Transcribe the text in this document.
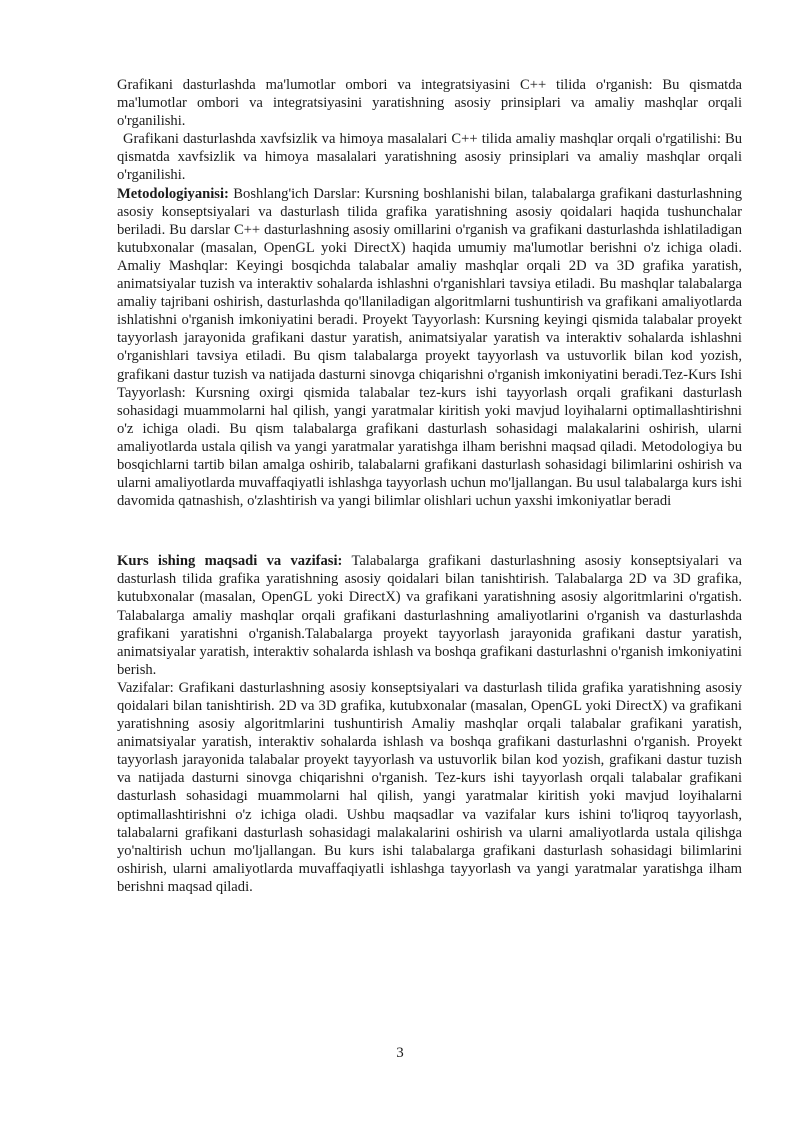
Grafikani dasturlashda ma'lumotlar ombori va integratsiyasini C++ tilida o'rganish: Bu qismatda ma'lumotlar ombori va integratsiyasini yaratishning asosiy prinsiplari va amaliy mashqlar orqali o'rganilishi.

Grafikani dasturlashda xavfsizlik va himoya masalalari C++ tilida amaliy mashqlar orqali o'rgatilishi: Bu qismatda xavfsizlik va himoya masalalari yaratishning asosiy prinsiplari va amaliy mashqlar orqali o'rganilishi.

Metodologiyanisi: Boshlang'ich Darslar: Kursning boshlanishi bilan, talabalarga grafikani dasturlashning asosiy konseptsiyalari va dasturlash tilida grafika yaratishning asosiy qoidalari haqida tushunchalar beriladi. Bu darslar C++ dasturlashning asosiy omillarini o'rganish va grafikani dasturlashda ishlatiladigan kutubxonalar (masalan, OpenGL yoki DirectX) haqida umumiy ma'lumotlar berishni o'z ichiga oladi. Amaliy Mashqlar: Keyingi bosqichda talabalar amaliy mashqlar orqali 2D va 3D grafika yaratish, animatsiyalar tuzish va interaktiv sohalarda ishlashni o'rganishlari tavsiya etiladi. Bu mashqlar talabalarga amaliy tajribani oshirish, dasturlashda qo'llaniladigan algoritmlarni tushuntirish va grafikani amaliyotlarda ishlatishni o'rganish imkoniyatini beradi. Proyekt Tayyorlash: Kursning keyingi qismida talabalar proyekt tayyorlash jarayonida grafikani dastur yaratish, animatsiyalar yaratish va interaktiv sohalarda ishlashni o'rganishlari tavsiya etiladi. Bu qism talabalarga proyekt tayyorlash va ustuvorlik bilan kod yozish, grafikani dastur tuzish va natijada dasturni sinovga chiqarishni o'rganish imkoniyatini beradi.Tez-Kurs Ishi Tayyorlash: Kursning oxirgi qismida talabalar tez-kurs ishi tayyorlash orqali grafikani dasturlash sohasidagi muammolarni hal qilish, yangi yaratmalar kiritish yoki mavjud loyihalarni optimallashtirishni o'z ichiga oladi. Bu qism talabalarga grafikani dasturlash sohasidagi malakalarini oshirish, ularni amaliyotlarda ustala qilish va yangi yaratmalar yaratishga ilham berishni maqsad qiladi. Metodologiya bu bosqichlarni tartib bilan amalga oshirib, talabalarni grafikani dasturlash sohasidagi bilimlarini oshirish va ularni amaliyotlarda muvaffaqiyatli ishlashga tayyorlash uchun mo'ljallangan. Bu usul talabalarga kurs ishi davomida qatnashish, o'zlashtirish va yangi bilimlar olishlari uchun yaxshi imkoniyatlar beradi

Kurs ishing maqsadi va vazifasi: Talabalarga grafikani dasturlashning asosiy konseptsiyalari va dasturlash tilida grafika yaratishning asosiy qoidalari bilan tanishtirish. Talabalarga 2D va 3D grafika, kutubxonalar (masalan, OpenGL yoki DirectX) va grafikani yaratishning asosiy algoritmlarini o'rgatish. Talabalarga amaliy mashqlar orqali grafikani dasturlashning amaliyotlarini o'rganish va dasturlashda grafikani yaratishni o'rganish.Talabalarga proyekt tayyorlash jarayonida grafikani dastur yaratish, animatsiyalar yaratish, interaktiv sohalarda ishlash va boshqa grafikani dasturlashni o'rganish imkoniyatini berish.

Vazifalar: Grafikani dasturlashning asosiy konseptsiyalari va dasturlash tilida grafika yaratishning asosiy qoidalari bilan tanishtirish. 2D va 3D grafika, kutubxonalar (masalan, OpenGL yoki DirectX) va grafikani yaratishning asosiy algoritmlarini tushuntirish Amaliy mashqlar orqali talabalar grafikani yaratish, animatsiyalar yaratish, interaktiv sohalarda ishlash va boshqa grafikani dasturlashni o'rganish. Proyekt tayyorlash jarayonida talabalar proyekt tayyorlash va ustuvorlik bilan kod yozish, grafikani dastur tuzish va natijada dasturni sinovga chiqarishni o'rganish. Tez-kurs ishi tayyorlash orqali talabalar grafikani dasturlash sohasidagi muammolarni hal qilish, yangi yaratmalar kiritish yoki mavjud loyihalarni optimallashtirishni o'z ichiga oladi. Ushbu maqsadlar va vazifalar kurs ishini to'liqroq tayyorlash, talabalarni grafikani dasturlash sohasidagi malakalarini oshirish va ularni amaliyotlarda ustala qilishga yo'naltirish uchun mo'ljallangan. Bu kurs ishi talabalarga grafikani dasturlash sohasidagi bilimlarini oshirish, ularni amaliyotlarda muvaffaqiyatli ishlashga tayyorlash va yangi yaratmalar yaratishga ilham berishni maqsad qiladi.

3
